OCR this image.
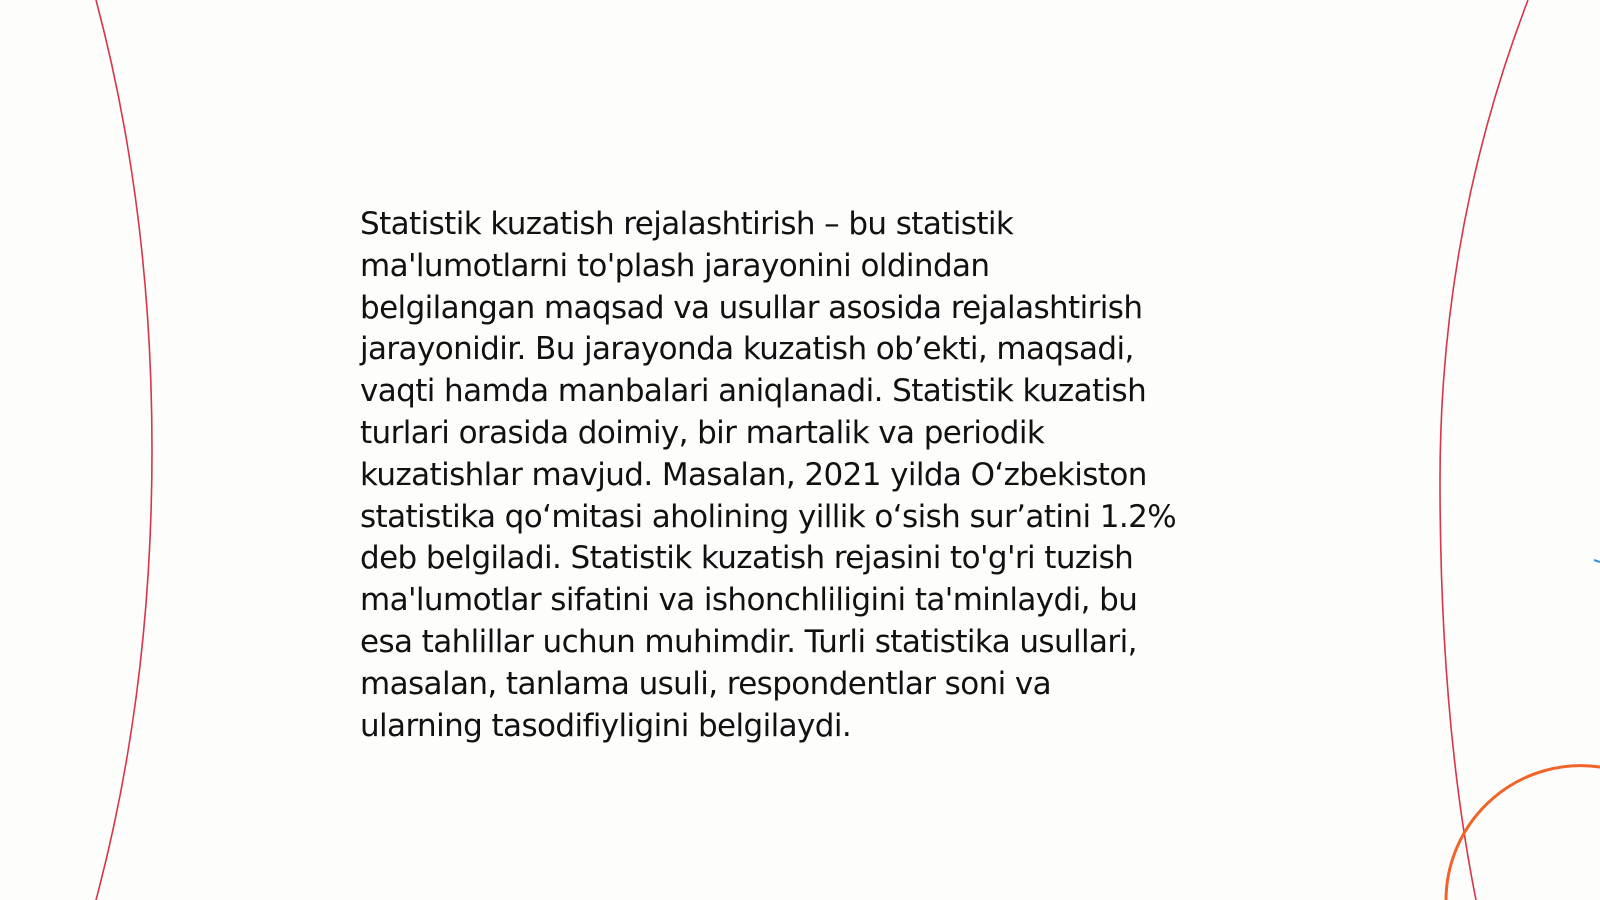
Statistik kuzatish rejalashtirish – bu statistik
ma'lumotlarni to'plash jarayonini oldindan
belgilangan maqsad va usullar asosida rejalashtirish
jarayonidir. Bu jarayonda kuzatish ob’ekti, maqsadi,
vaqti hamda manbalari aniqlanadi. Statistik kuzatish
turlari orasida doimiy, bir martalik va periodik
kuzatishlar mavjud. Masalan, 2021 yilda O‘zbekiston
statistika qo‘mitasi aholining yillik o‘sish sur’atini 1.2%
deb belgiladi. Statistik kuzatish rejasini to'g'ri tuzish
ma'lumotlar sifatini va ishonchliligini ta'minlaydi, bu
esa tahlillar uchun muhimdir. Turli statistika usullari,
masalan, tanlama usuli, respondentlar soni va
ularning tasodifiyligini belgilaydi.
